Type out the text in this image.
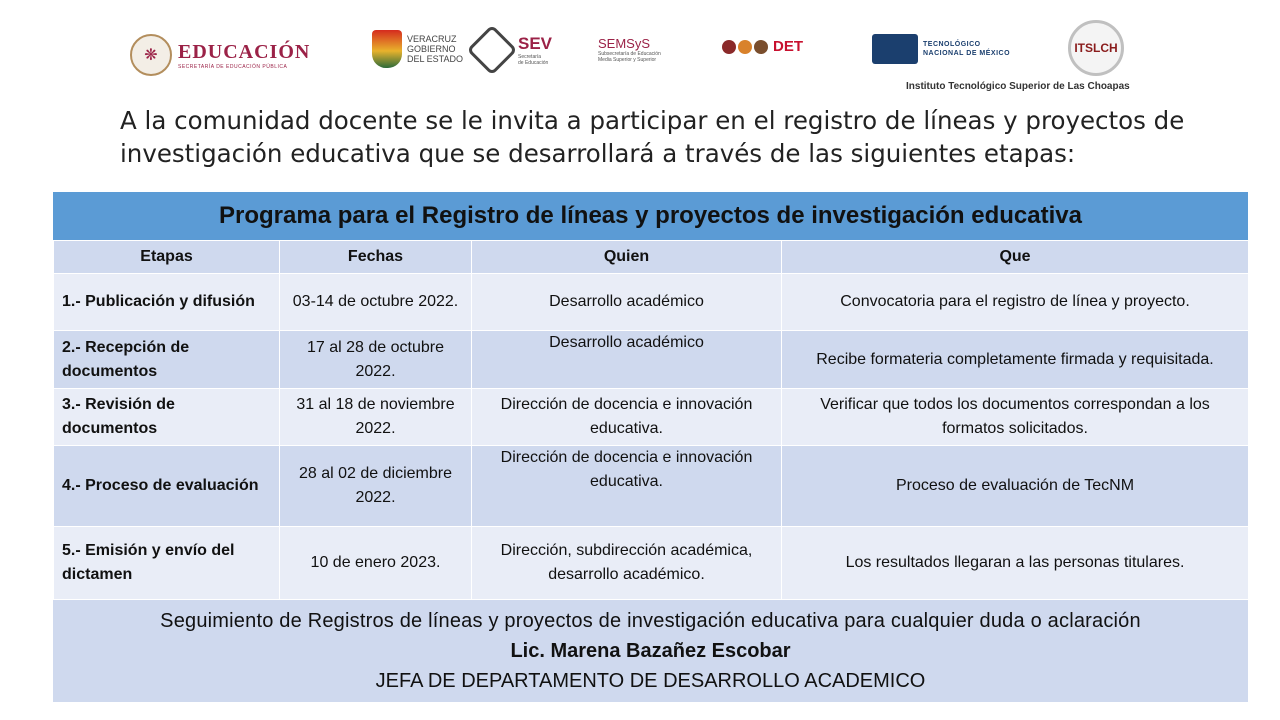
❋	EDUCACIÓN
SECRETARÍA DE EDUCACIÓN PÚBLICA
VERACRUZ
GOBIERNO
DEL ESTADO
SEV
Secretaría
de Educación
SEMSyS
Subsecretaría de Educación
Media Superior y Superior
DET	TECNOLÓGICO
NACIONAL DE MÉXICO	ITSLCH
Instituto Tecnológico Superior de Las Choapas
A la comunidad docente se le invita a participar en el registro de líneas y proyectos de investigación educativa que se desarrollará a través de las siguientes etapas:
Programa para el Registro de líneas y proyectos de investigación educativa
Etapas	Fechas	Quien	Que
1.- Publicación y difusión	03-14 de octubre 2022.	Desarrollo académico	Convocatoria para el registro de línea y proyecto.
2.- Recepción de documentos	17 al 28 de octubre 2022.	Desarrollo académico	Recibe formateria completamente firmada y requisitada.
3.- Revisión de documentos	31 al 18 de noviembre 2022.	Dirección de docencia e innovación educativa.	Verificar que todos los documentos correspondan a los formatos solicitados.
4.- Proceso de evaluación	28 al 02 de diciembre 2022.	Dirección de docencia e innovación educativa.	Proceso de evaluación de TecNM
5.- Emisión y envío del dictamen	10 de enero 2023.	Dirección, subdirección académica, desarrollo académico.	Los resultados llegaran a las personas titulares.
Seguimiento de Registros de líneas y proyectos de investigación educativa para cualquier duda o aclaración
Lic. Marena Bazañez Escobar
JEFA DE DEPARTAMENTO DE DESARROLLO ACADEMICO
